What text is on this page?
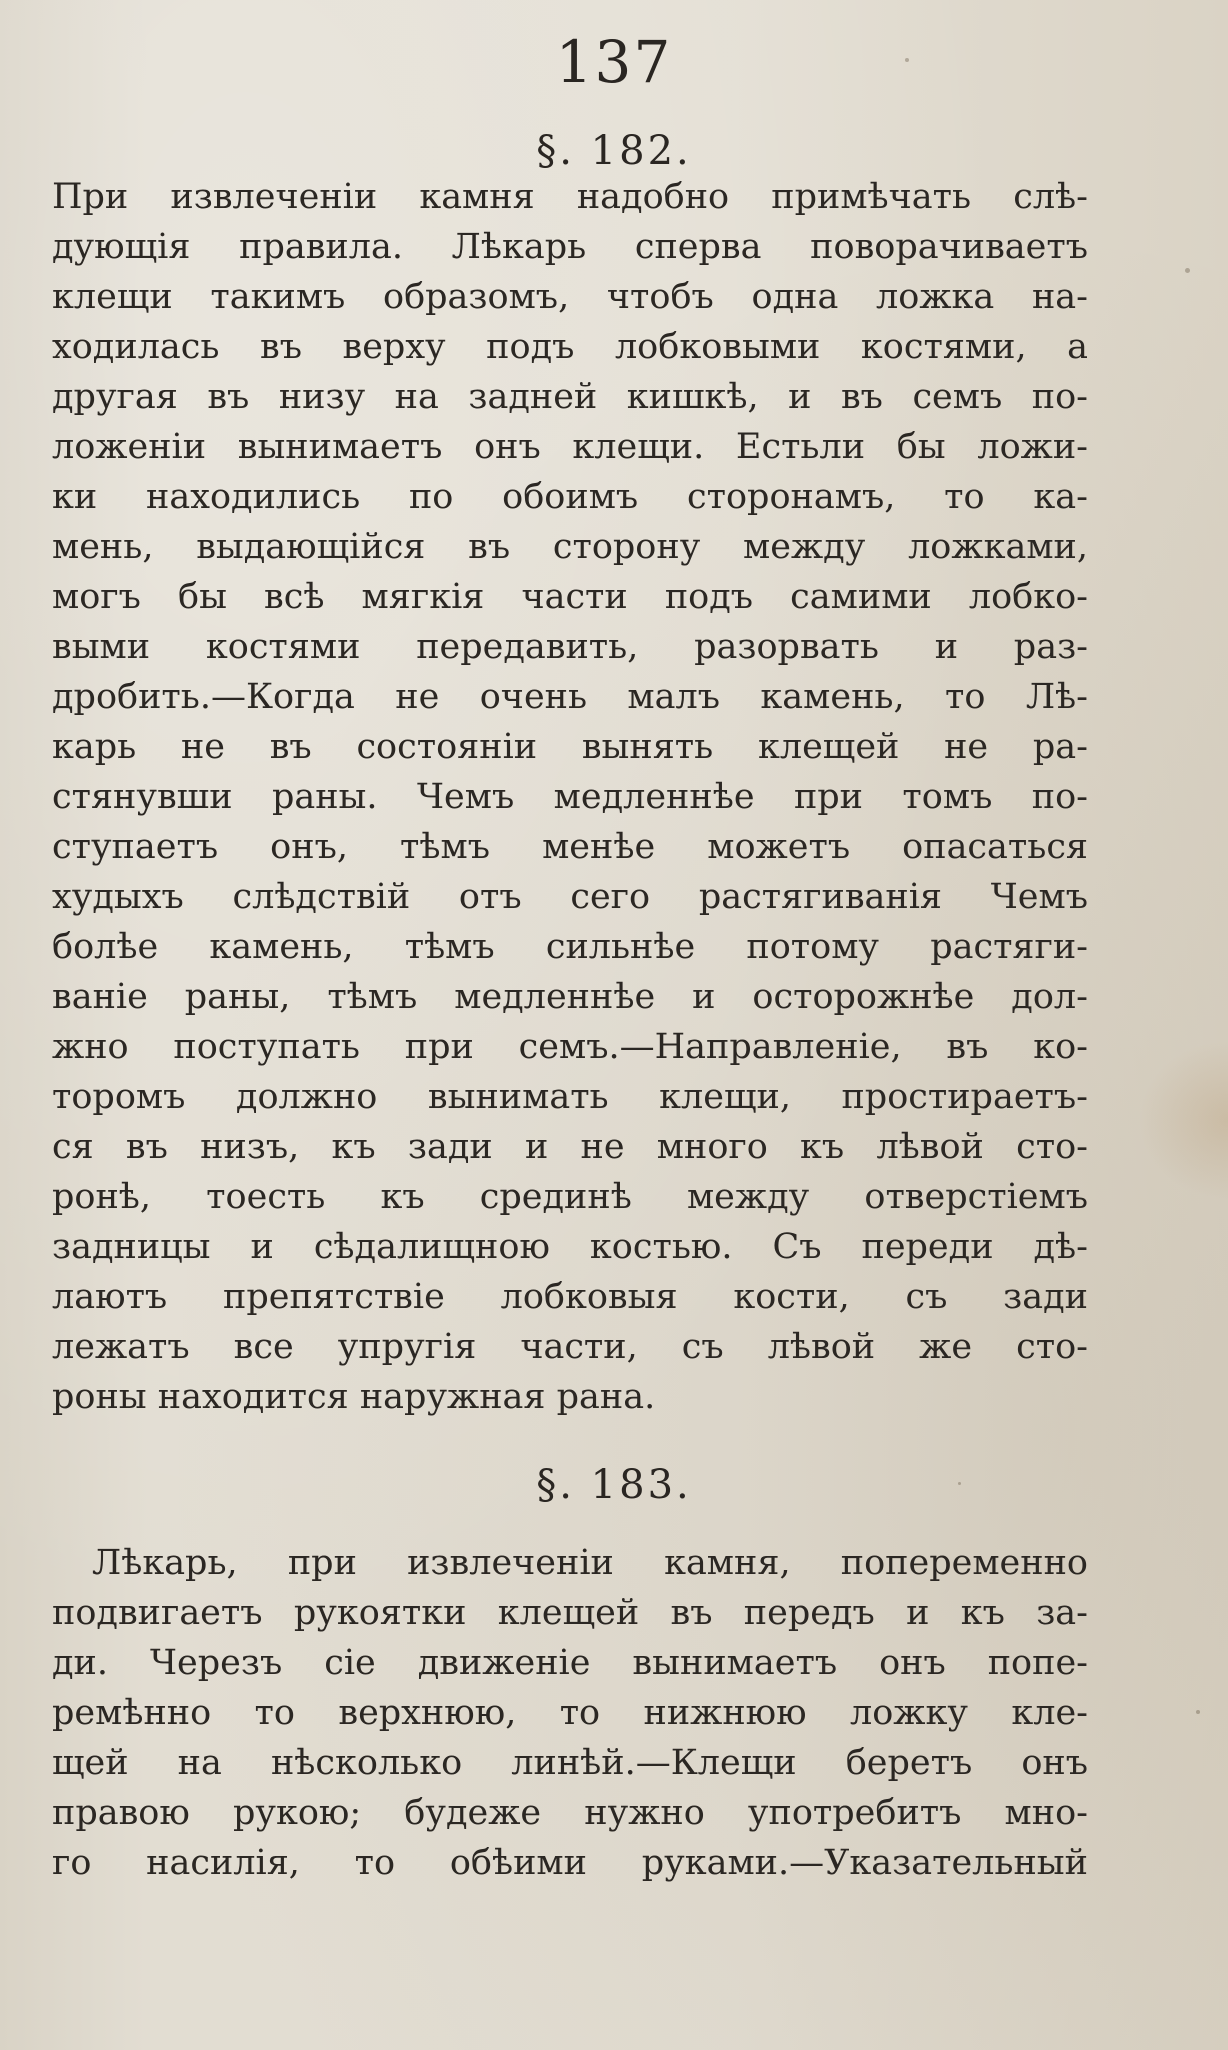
137
§. 182.
При извлеченіи камня надобно примѣчать слѣ-
дующія правила. Лѣкарь сперва поворачиваетъ
клещи такимъ образомъ, чтобъ одна ложка на-
ходилась въ верху подъ лобковыми костями, а
другая въ низу на задней кишкѣ, и въ семъ по-
ложеніи вынимаетъ онъ клещи. Естьли бы ложи-
ки находились по обоимъ сторонамъ, то ка-
мень, выдающійся въ сторону между ложками,
могъ бы всѣ мягкія части подъ самими лобко-
выми костями передавить, разорвать и раз-
дробить.—Когда не очень малъ камень, то Лѣ-
карь не въ состояніи вынять клещей не ра-
стянувши раны. Чемъ медленнѣе при томъ по-
ступаетъ онъ, тѣмъ менѣе можетъ опасаться
худыхъ слѣдствій отъ сего растягиванія Чемъ
болѣе камень, тѣмъ сильнѣе потому растяги-
ваніе раны, тѣмъ медленнѣе и осторожнѣе дол-
жно поступать при семъ.—Направленіе, въ ко-
торомъ должно вынимать клещи, простираетъ-
ся въ низъ, къ зади и не много къ лѣвой сто-
ронѣ, тоесть къ срединѣ между отверстіемъ
задницы и сѣдалищною костью. Съ переди дѣ-
лаютъ препятствіе лобковыя кости, съ зади
лежатъ все упругія части, съ лѣвой же сто-
роны находится наружная рана.
§. 183.
Лѣкарь, при извлеченіи камня, попеременно
подвигаетъ рукоятки клещей въ передъ и къ за-
ди. Черезъ сіе движеніе вынимаетъ онъ попе-
ремѣнно то верхнюю, то нижнюю ложку кле-
щей на нѣсколько линѣй.—Клещи беретъ онъ
правою рукою; будеже нужно употребитъ мно-
го насилія, то обѣими руками.—Указательный
